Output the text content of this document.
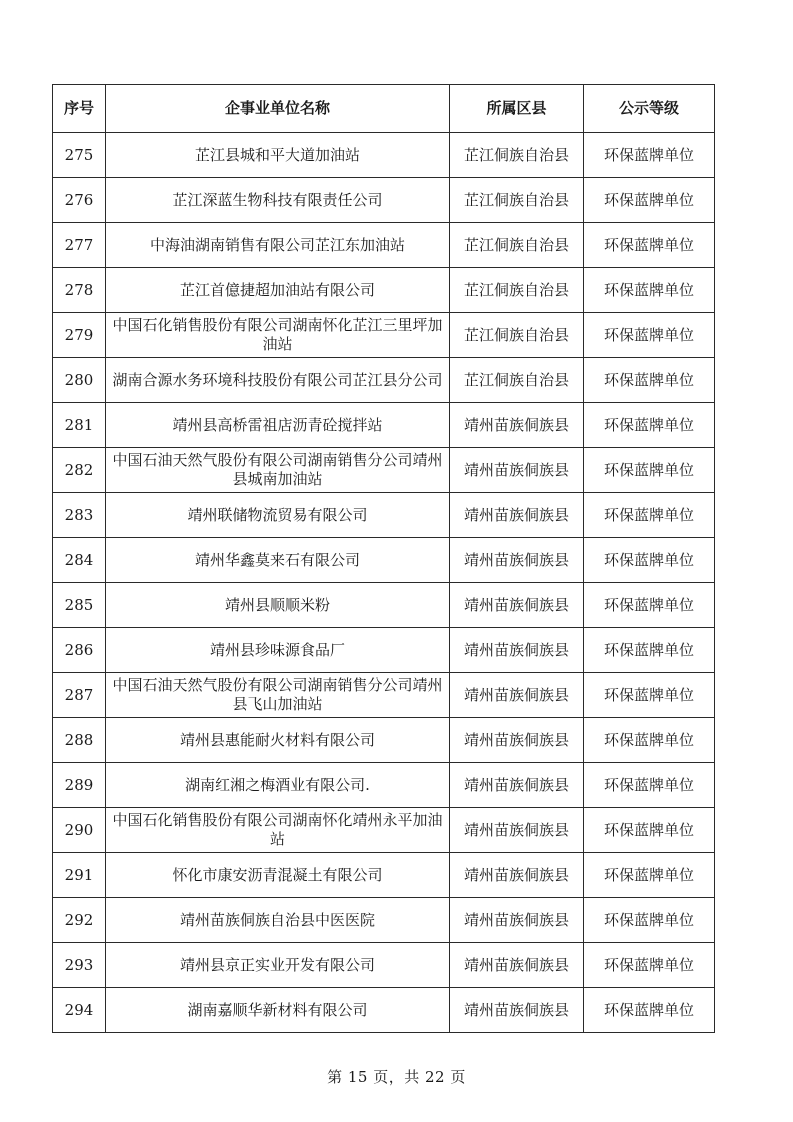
序号	企事业单位名称	所属区县	公示等级
275	芷江县城和平大道加油站	芷江侗族自治县	环保蓝牌单位
276	芷江深蓝生物科技有限责任公司	芷江侗族自治县	环保蓝牌单位
277	中海油湖南销售有限公司芷江东加油站	芷江侗族自治县	环保蓝牌单位
278	芷江首億捷超加油站有限公司	芷江侗族自治县	环保蓝牌单位
279	中国石化销售股份有限公司湖南怀化芷江三里坪加油站	芷江侗族自治县	环保蓝牌单位
280	湖南合源水务环境科技股份有限公司芷江县分公司	芷江侗族自治县	环保蓝牌单位
281	靖州县高桥雷祖店沥青砼搅拌站	靖州苗族侗族县	环保蓝牌单位
282	中国石油天然气股份有限公司湖南销售分公司靖州县城南加油站	靖州苗族侗族县	环保蓝牌单位
283	靖州联储物流贸易有限公司	靖州苗族侗族县	环保蓝牌单位
284	靖州华鑫莫来石有限公司	靖州苗族侗族县	环保蓝牌单位
285	靖州县顺顺米粉	靖州苗族侗族县	环保蓝牌单位
286	靖州县珍味源食品厂	靖州苗族侗族县	环保蓝牌单位
287	中国石油天然气股份有限公司湖南销售分公司靖州县飞山加油站	靖州苗族侗族县	环保蓝牌单位
288	靖州县惠能耐火材料有限公司	靖州苗族侗族县	环保蓝牌单位
289	湖南红湘之梅酒业有限公司.	靖州苗族侗族县	环保蓝牌单位
290	中国石化销售股份有限公司湖南怀化靖州永平加油站	靖州苗族侗族县	环保蓝牌单位
291	怀化市康安沥青混凝土有限公司	靖州苗族侗族县	环保蓝牌单位
292	靖州苗族侗族自治县中医医院	靖州苗族侗族县	环保蓝牌单位
293	靖州县京正实业开发有限公司	靖州苗族侗族县	环保蓝牌单位
294	湖南嘉顺华新材料有限公司	靖州苗族侗族县	环保蓝牌单位
第 15 页，共 22 页
